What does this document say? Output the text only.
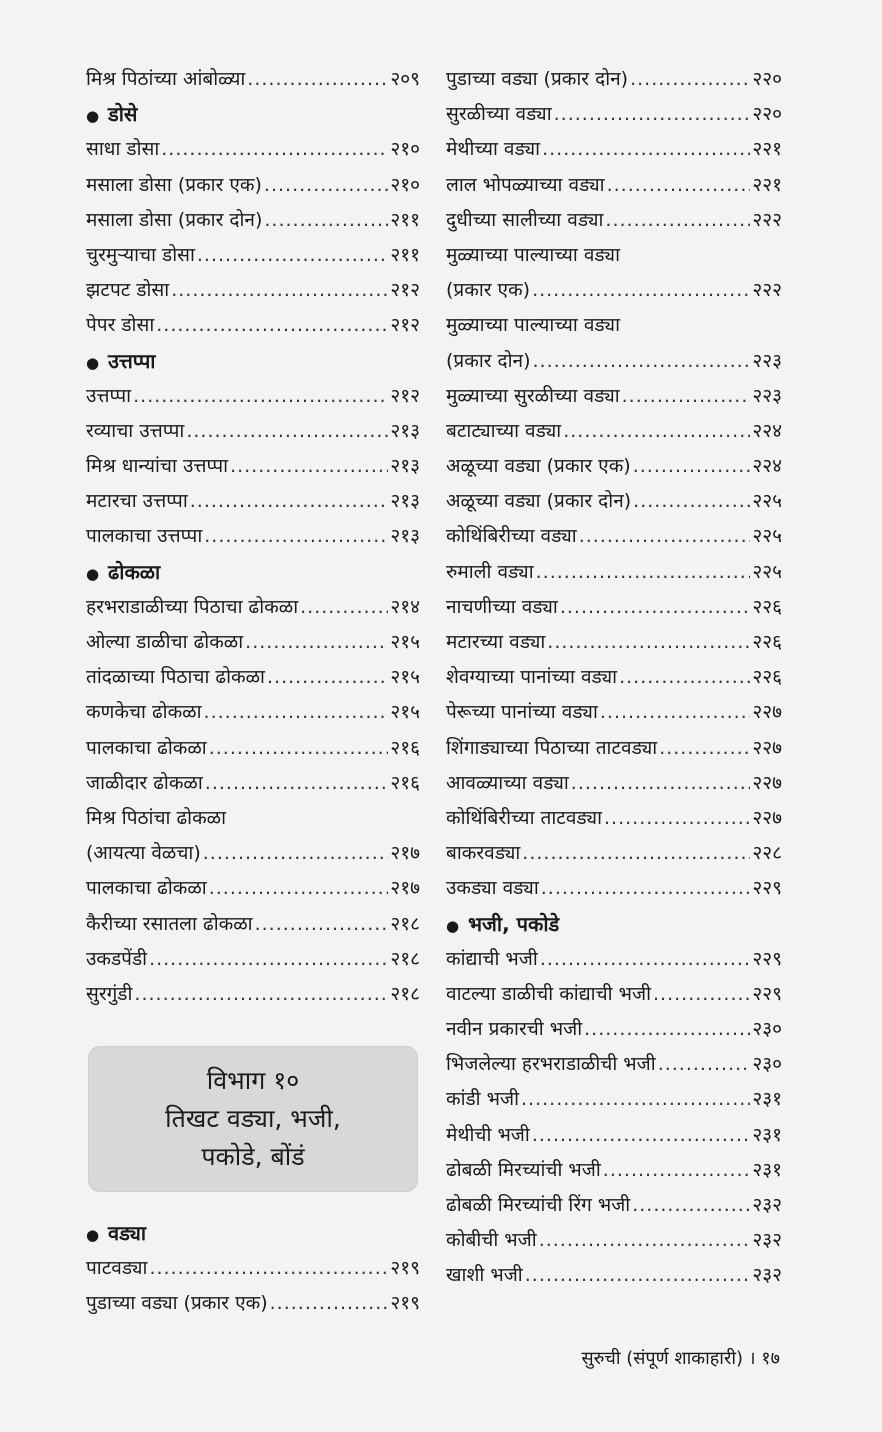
मिश्र पिठांच्या आंबोळ्या .....	२०९
● डोसे
साधा डोसा .....	२१०
मसाला डोसा (प्रकार एक) .....	२१०
मसाला डोसा (प्रकार दोन) .....	२११
चुरमुऱ्याचा डोसा .....	२११
झटपट डोसा .....	२१२
पेपर डोसा .....	२१२
● उत्तप्पा
उत्तप्पा .....	२१२
रव्याचा उत्तप्पा .....	२१३
मिश्र धान्यांचा उत्तप्पा .....	२१३
मटारचा उत्तप्पा .....	२१३
पालकाचा उत्तप्पा .....	२१३
● ढोकळा
हरभराडाळीच्या पिठाचा ढोकळा .....	२१४
ओल्या डाळीचा ढोकळा .....	२१५
तांदळाच्या पिठाचा ढोकळा .....	२१५
कणकेचा ढोकळा .....	२१५
पालकाचा ढोकळा .....	२१६
जाळीदार ढोकळा .....	२१६
मिश्र पिठांचा ढोकळा
(आयत्या वेळचा) .....	२१७
पालकाचा ढोकळा .....	२१७
कैरीच्या रसातला ढोकळा .....	२१८
उकडपेंडी .....	२१८
सुरगुंडी .....	२१८
विभाग १०
तिखट वड्या, भजी,
पकोडे, बोंडं
● वड्या
पाटवड्या .....	२१९
पुडाच्या वड्या (प्रकार एक) .....	२१९
पुडाच्या वड्या (प्रकार दोन) .....	२२०
सुरळीच्या वड्या .....	२२०
मेथीच्या वड्या .....	२२१
लाल भोपळ्याच्या वड्या .....	२२१
दुधीच्या सालीच्या वड्या .....	२२२
मुळ्याच्या पाल्याच्या वड्या
(प्रकार एक) .....	२२२
मुळ्याच्या पाल्याच्या वड्या
(प्रकार दोन) .....	२२३
मुळ्याच्या सुरळीच्या वड्या .....	२२३
बटाट्याच्या वड्या .....	२२४
अळूच्या वड्या (प्रकार एक) .....	२२४
अळूच्या वड्या (प्रकार दोन) .....	२२५
कोथिंबिरीच्या वड्या .....	२२५
रुमाली वड्या .....	२२५
नाचणीच्या वड्या .....	२२६
मटारच्या वड्या .....	२२६
शेवग्याच्या पानांच्या वड्या .....	२२६
पेरूच्या पानांच्या वड्या .....	२२७
शिंगाड्याच्या पिठाच्या ताटवड्या .....	२२७
आवळ्याच्या वड्या .....	२२७
कोथिंबिरीच्या ताटवड्या .....	२२७
बाकरवड्या .....	२२८
उकड्या वड्या .....	२२९
● भजी, पकोडे
कांद्याची भजी .....	२२९
वाटल्या डाळीची कांद्याची भजी .....	२२९
नवीन प्रकारची भजी .....	२३०
भिजलेल्या हरभराडाळीची भजी .....	२३०
कांडी भजी .....	२३१
मेथीची भजी .....	२३१
ढोबळी मिरच्यांची भजी .....	२३१
ढोबळी मिरच्यांची रिंग भजी .....	२३२
कोबीची भजी .....	२३२
खाशी भजी .....	२३२
सुरुची (संपूर्ण शाकाहारी) । १७
